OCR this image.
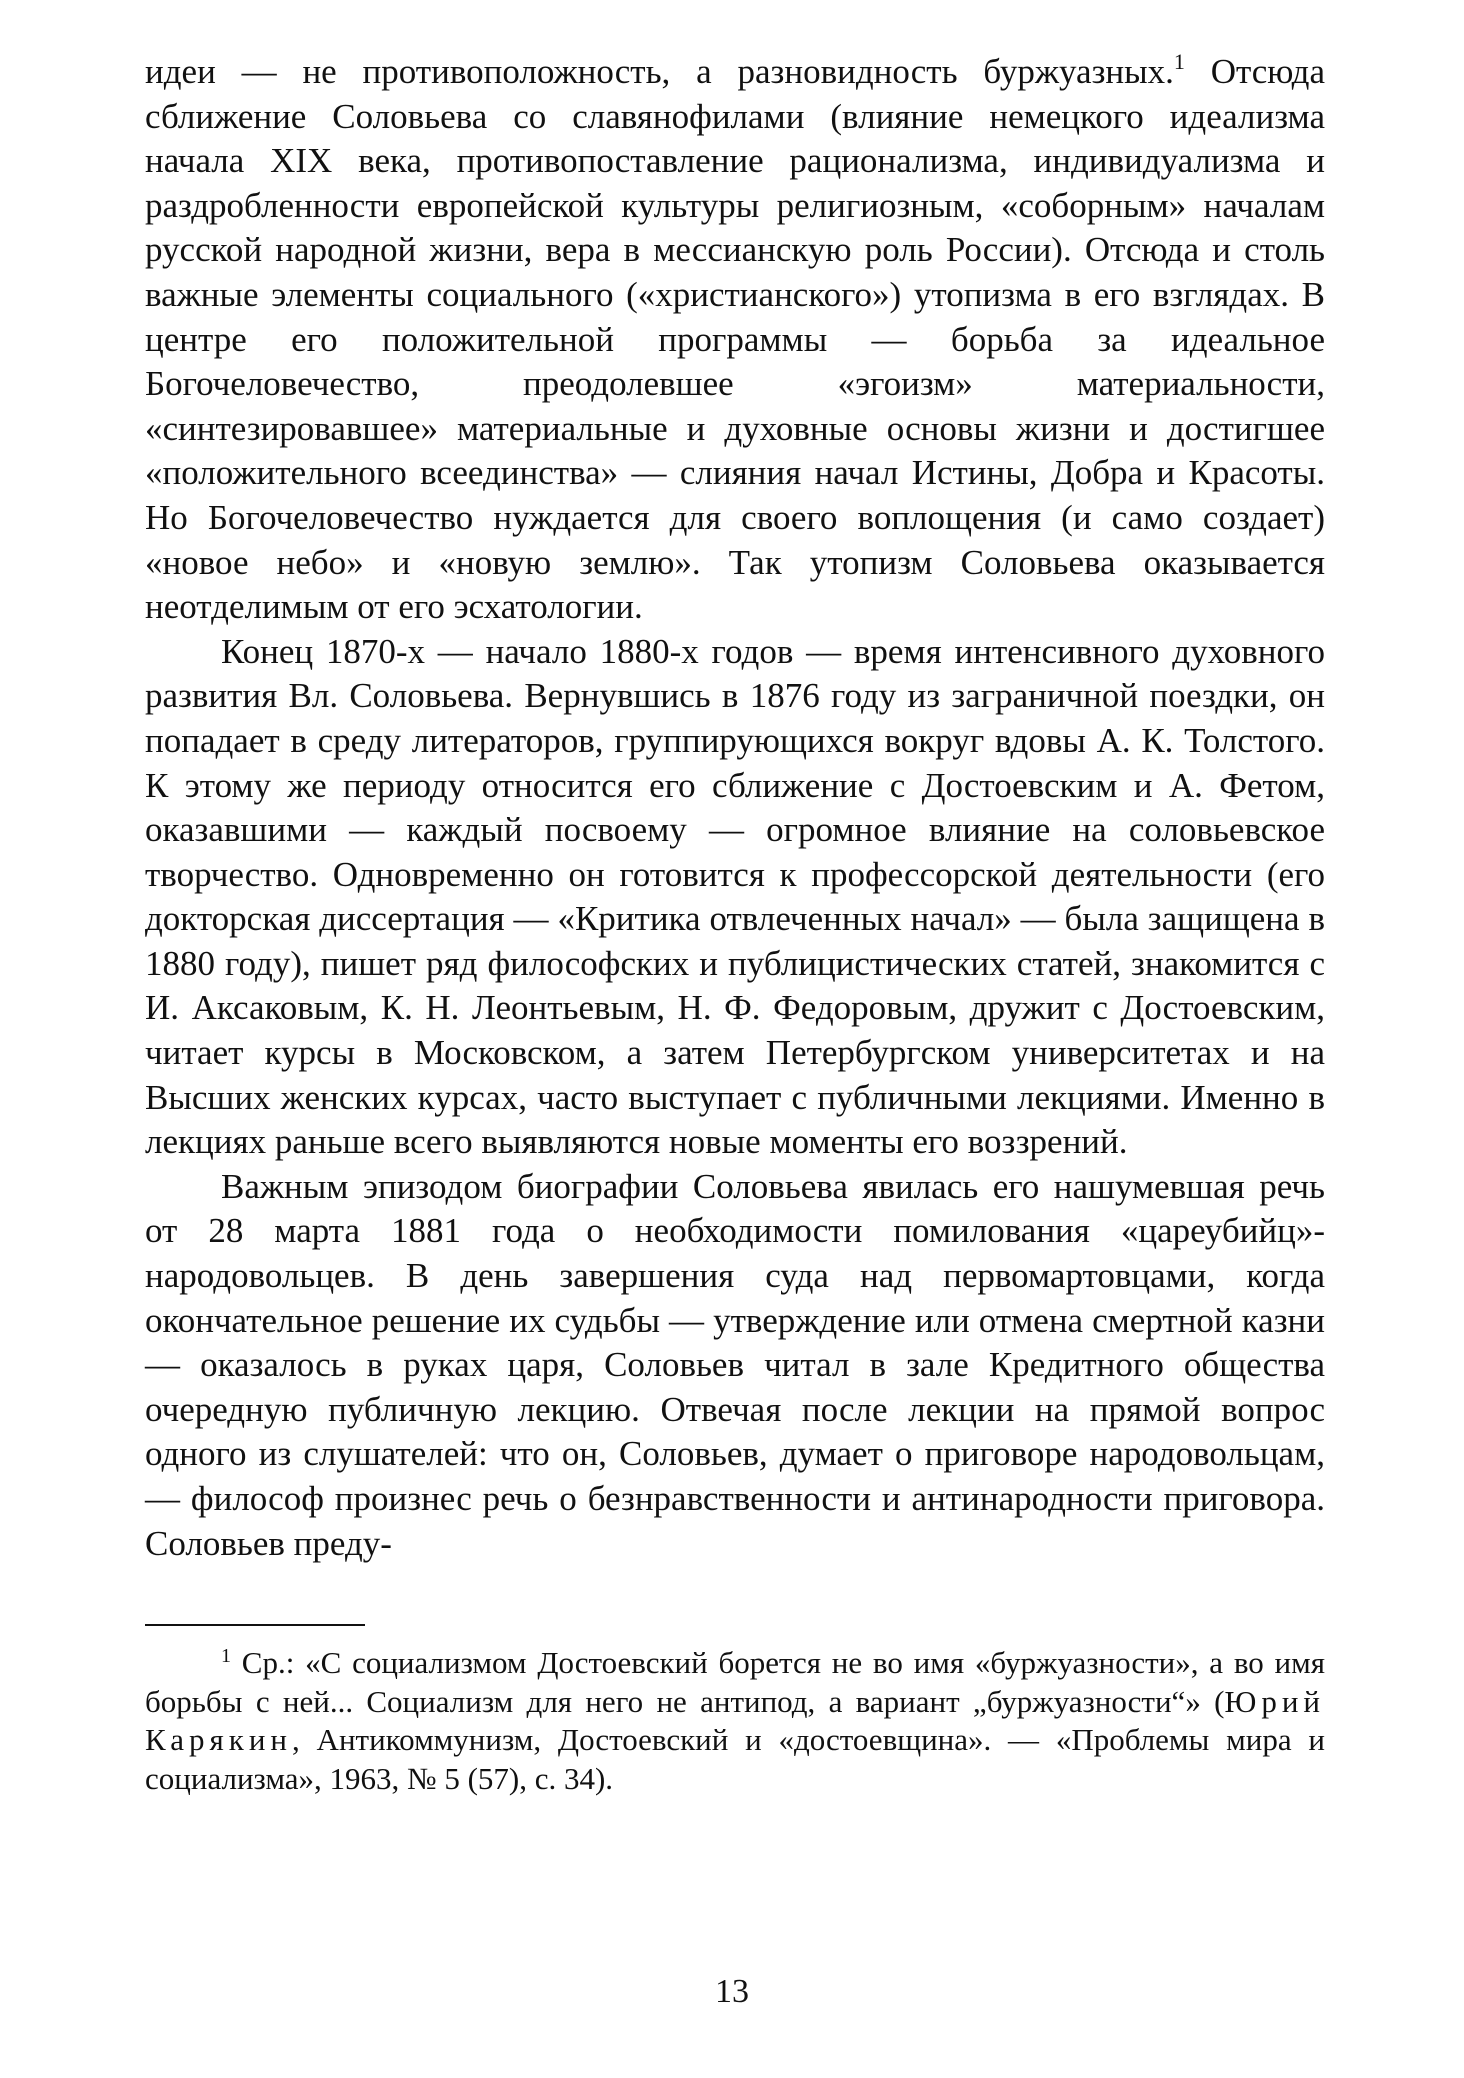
идеи — не противоположность, а разновидность буржуазных.$^1$ Отсюда сближение Соловьева со славянофилами (влияние немецкого идеализма начала XIX века, противопоставление рационализма, индивидуализма и раздробленности европейской культуры религиозным, «соборным» началам русской народной жизни, вера в мессианскую роль России). Отсюда и столь важные элементы социального («христианского») утопизма в его взглядах. В центре его положительной программы — борьба за идеальное Богочеловечество, преодолевшее «эгоизм» материальности, «синтезировавшее» материальные и духовные основы жизни и достигшее «положительного всеединства» — слияния начал Истины, Добра и Красоты. Но Богочеловечество нуждается для своего воплощения (и само создает) «новое небо» и «новую землю». Так утопизм Соловьева оказывается неотделимым от его эсхатологии.

Конец 1870-х — начало 1880-х годов — время интенсивного духовного развития Вл. Соловьева. Вернувшись в 1876 году из заграничной поездки, он попадает в среду литераторов, группирующихся вокруг вдовы А. К. Толстого. К этому же периоду относится его сближение с Достоевским и А. Фетом, оказавшими — каждый посвоему — огромное влияние на соловьевское творчество. Одновременно он готовится к профессорской деятельности (его докторская диссертация — «Критика отвлеченных начал» — была защищена в 1880 году), пишет ряд философских и публицистических статей, знакомится с И. Аксаковым, К. Н. Леонтьевым, Н. Ф. Федоровым, дружит с Достоевским, читает курсы в Московском, а затем Петербургском университетах и на Высших женских курсах, часто выступает с публичными лекциями. Именно в лекциях раньше всего выявляются новые моменты его воззрений.

Важным эпизодом биографии Соловьева явилась его нашумевшая речь от 28 марта 1881 года о необходимости помилования «цареубийц»-народовольцев. В день завершения суда над первомартовцами, когда окончательное решение их судьбы — утверждение или отмена смертной казни — оказалось в руках царя, Соловьев читал в зале Кредитного общества очередную публичную лекцию. Отвечая после лекции на прямой вопрос одного из слушателей: что он, Соловьев, думает о приговоре народовольцам, — философ произнес речь о безнравственности и антинародности приговора. Соловьев преду-

$^1$ Ср.: «С социализмом Достоевский борется не во имя «буржуазности», а во имя борьбы с ней... Социализм для него не антипод, а вариант „буржуазности“» (Юрий Карякин, Антикоммунизм, Достоевский и «достоевщина». — «Проблемы мира и социализма», 1963, № 5 (57), с. 34).

13
